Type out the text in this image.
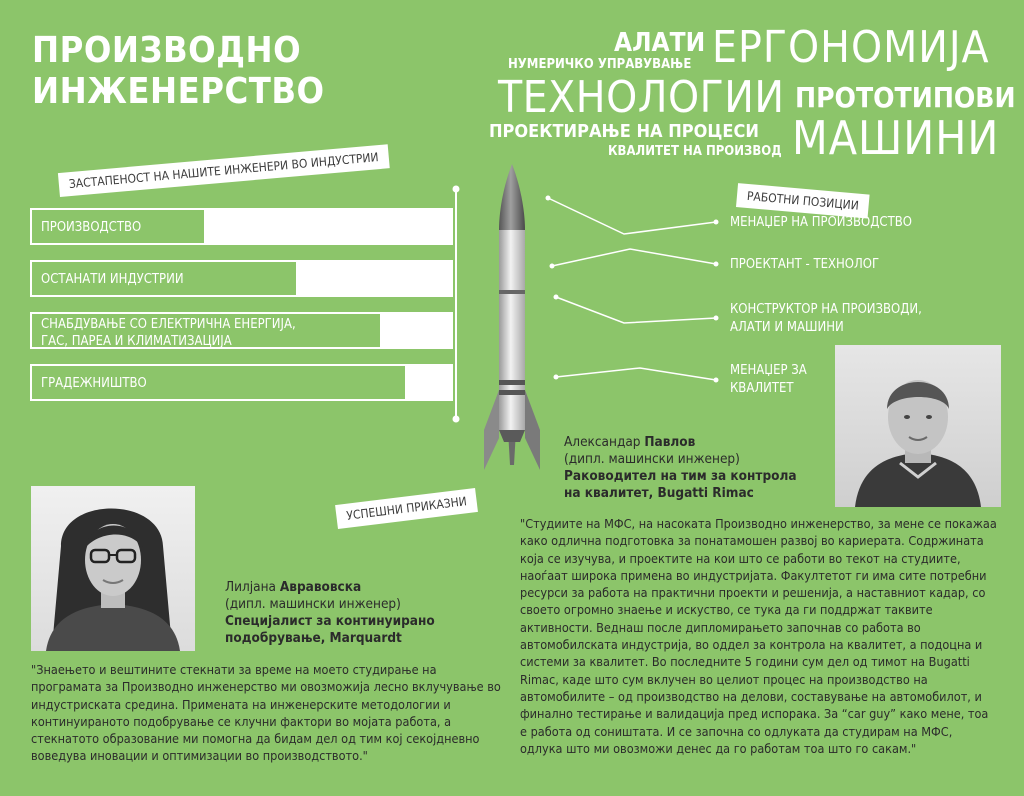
ПРОИЗВОДНО
ИНЖЕНЕРСТВО
АЛАТИ
НУМЕРИЧКО УПРАВУВАЊЕ ЕРГОНОМИЈА
ТЕХНОЛОГИИ ПРОТОТИПОВИ
ПРОЕКТИРАЊЕ НА ПРОЦЕСИ МАШИНИ
КВАЛИТЕТ НА ПРОИЗВОД
ЗАСТАПЕНОСТ НА НАШИТЕ ИНЖЕНЕРИ ВО ИНДУСТРИИ
ПРОИЗВОДСТВО
ОСТАНАТИ ИНДУСТРИИ
СНАБДУВАЊЕ СО ЕЛЕКТРИЧНА ЕНЕРГИЈА,
ГАС, ПАРЕА И КЛИМАТИЗАЦИЈА
ГРАДЕЖНИШТВО
РАБОТНИ ПОЗИЦИИ
МЕНАЏЕР НА ПРОИЗВОДСТВО
ПРОЕКТАНТ - ТЕХНОЛОГ
КОНСТРУКТОР НА ПРОИЗВОДИ,
АЛАТИ И МАШИНИ
МЕНАЏЕР ЗА
КВАЛИТЕТ
Александар Павлов
(дипл. машински инженер)
Раководител на тим за контрола
на квалитет, Bugatti Rimac
УСПЕШНИ ПРИКАЗНИ
"Студиите на МФС, на насоката Производно инженерство, за мене се покажаа како одлична подготовка за понатамошен развој во кариерата. Содржината која се изучува, и проектите на кои што се работи во текот на студиите, наоѓаат широка примена во индустријата. Факултетот ги има сите потребни ресурси за работа на практични проекти и решенија, а наставниот кадар, со своето огромно знаење и искуство, се тука да ги поддржат таквите активности. Веднаш после дипломирањето започнав со работа во автомобилската индустрија, во оддел за контрола на квалитет, а подоцна и системи за квалитет. Во последните 5 години сум дел од тимот на Bugatti Rimac, каде што сум вклучен во целиот процес на производство на автомобилите – од производство на делови, составување на автомобилот, и финално тестирање и валидација пред испорака. За “car guy” како мене, тоа е работа од соништата. И се започна со одлуката да студирам на МФС, одлука што ми овозможи денес да го работам тоа што го сакам."
Лилјана Авравовска
(дипл. машински инженер)
Специјалист за континуирано
подобрување, Marquardt
"Знаењето и вештините стекнати за време на моето студирање на програмата за Производно инженерство ми овозможија лесно вклучување во индустриската средина. Примената на инженерските методологии и континуираното подобрување се клучни фактори во мојата работа, а стекнатото образование ми помогна да бидам дел од тим кој секојдневно воведува иновации и оптимизации во производството."
